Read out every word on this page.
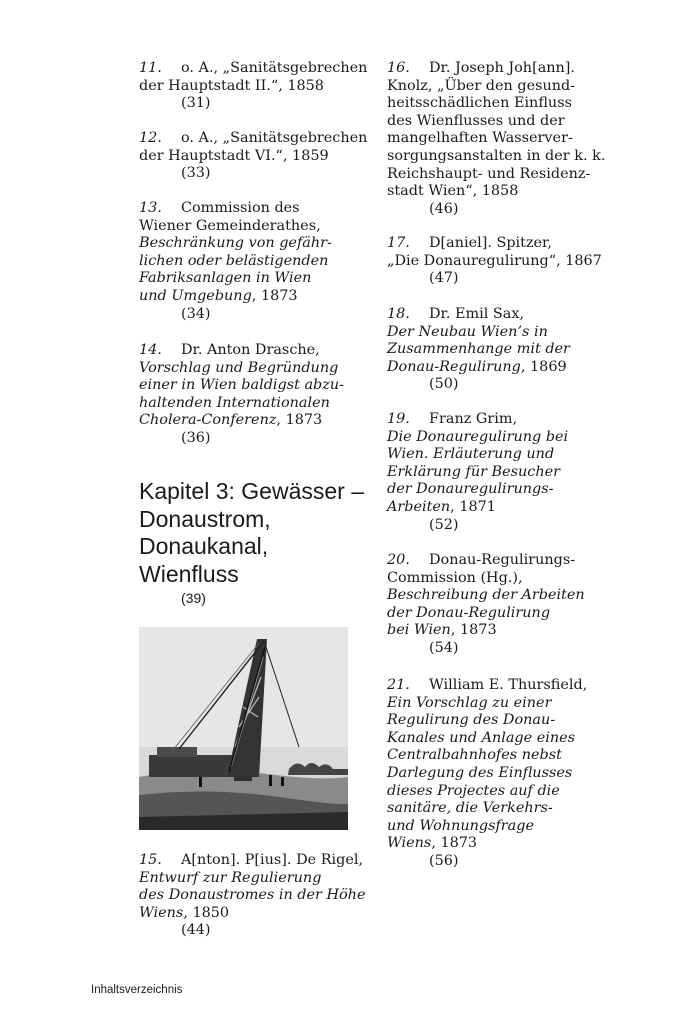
11. o. A., „Sanitätsgebrechen
der Hauptstadt II.“, 1858
(31)
12. o. A., „Sanitätsgebrechen
der Hauptstadt VI.“, 1859
(33)
13. Commission des
Wiener Gemeinderathes,
Beschränkung von gefähr-
lichen oder belästigenden
Fabriksanlagen in Wien
und Umgebung, 1873
(34)
14. Dr. Anton Drasche,
Vorschlag und Begründung
einer in Wien baldigst abzu-
haltenden Internationalen
Cholera-Conferenz, 1873
(36)
15. A[nton]. P[ius]. De Rigel,
Entwurf zur Regulierung
des Donaustromes in der Höhe
Wiens, 1850
(44)
16. Dr. Joseph Joh[ann].
Knolz, „Über den gesund-
heitsschädlichen Einfluss
des Wienflusses und der
mangelhaften Wasserver-
sorgungsanstalten in der k. k.
Reichshaupt- und Residenz-
stadt Wien“, 1858
(46)
17. D[aniel]. Spitzer,
„Die Donauregulirung“, 1867
(47)
18. Dr. Emil Sax,
Der Neubau Wien’s in
Zusammenhange mit der
Donau-Regulirung, 1869
(50)
19. Franz Grim,
Die Donauregulirung bei
Wien. Erläuterung und
Erklärung für Besucher
der Donauregulirungs-
Arbeiten, 1871
(52)
20. Donau-Regulirungs-
Commission (Hg.),
Beschreibung der Arbeiten
der Donau-Regulirung
bei Wien, 1873
(54)
21. William E. Thursfield,
Ein Vorschlag zu einer
Regulirung des Donau-
Kanales und Anlage eines
Centralbahnhofes nebst
Darlegung des Einflusses
dieses Projectes auf die
sanitäre, die Verkehrs-
und Wohnungsfrage
Wiens, 1873
(56)
Kapitel 3: Gewässer –
Donaustrom,
Donaukanal,
Wienfluss
(39)
Inhaltsverzeichnis
